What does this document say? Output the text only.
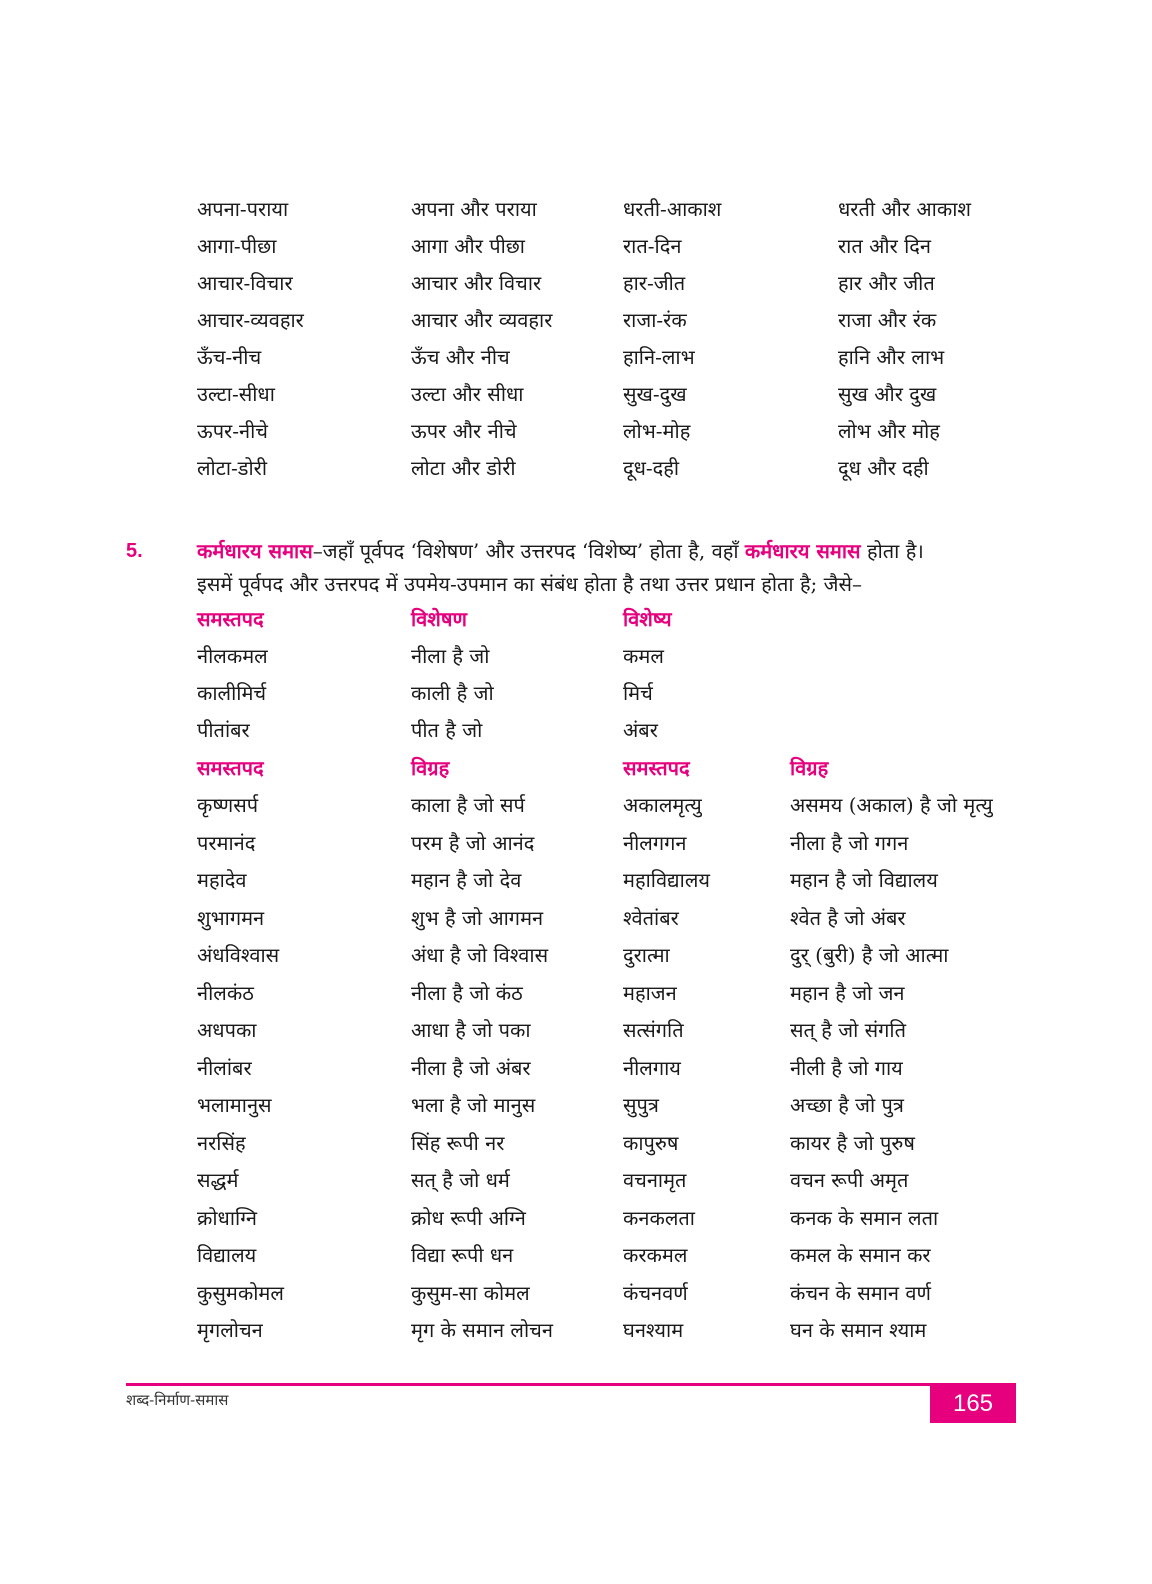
अपना-पराया	अपना और पराया	धरती-आकाश	धरती और आकाश
आगा-पीछा	आगा और पीछा	रात-दिन	रात और दिन
आचार-विचार	आचार और विचार	हार-जीत	हार और जीत
आचार-व्यवहार	आचार और व्यवहार	राजा-रंक	राजा और रंक
ऊँच-नीच	ऊँच और नीच	हानि-लाभ	हानि और लाभ
उल्टा-सीधा	उल्टा और सीधा	सुख-दुख	सुख और दुख
ऊपर-नीचे	ऊपर और नीचे	लोभ-मोह	लोभ और मोह
लोटा-डोरी	लोटा और डोरी	दूध-दही	दूध और दही
5.	कर्मधारय समास–जहाँ पूर्वपद ‘विशेषण’ और उत्तरपद ‘विशेष्य’ होता है, वहाँ कर्मधारय समास होता है।
इसमें पूर्वपद और उत्तरपद में उपमेय-उपमान का संबंध होता है तथा उत्तर प्रधान होता है; जैसे–
समस्तपद	विशेषण	विशेष्य
नीलकमल	नीला है जो	कमल
कालीमिर्च	काली है जो	मिर्च
पीतांबर	पीत है जो	अंबर
समस्तपद	विग्रह	समस्तपद	विग्रह
कृष्णसर्प	काला है जो सर्प	अकालमृत्यु	असमय (अकाल) है जो मृत्यु
परमानंद	परम है जो आनंद	नीलगगन	नीला है जो गगन
महादेव	महान है जो देव	महाविद्यालय	महान है जो विद्यालय
शुभागमन	शुभ है जो आगमन	श्वेतांबर	श्वेत है जो अंबर
अंधविश्वास	अंधा है जो विश्वास	दुरात्मा	दुर् (बुरी) है जो आत्मा
नीलकंठ	नीला है जो कंठ	महाजन	महान है जो जन
अधपका	आधा है जो पका	सत्संगति	सत् है जो संगति
नीलांबर	नीला है जो अंबर	नीलगाय	नीली है जो गाय
भलामानुस	भला है जो मानुस	सुपुत्र	अच्छा है जो पुत्र
नरसिंह	सिंह रूपी नर	कापुरुष	कायर है जो पुरुष
सद्धर्म	सत् है जो धर्म	वचनामृत	वचन रूपी अमृत
क्रोधाग्नि	क्रोध रूपी अग्नि	कनकलता	कनक के समान लता
विद्यालय	विद्या रूपी धन	करकमल	कमल के समान कर
कुसुमकोमल	कुसुम-सा कोमल	कंचनवर्ण	कंचन के समान वर्ण
मृगलोचन	मृग के समान लोचन	घनश्याम	घन के समान श्याम
शब्द-निर्माण-समास	165
